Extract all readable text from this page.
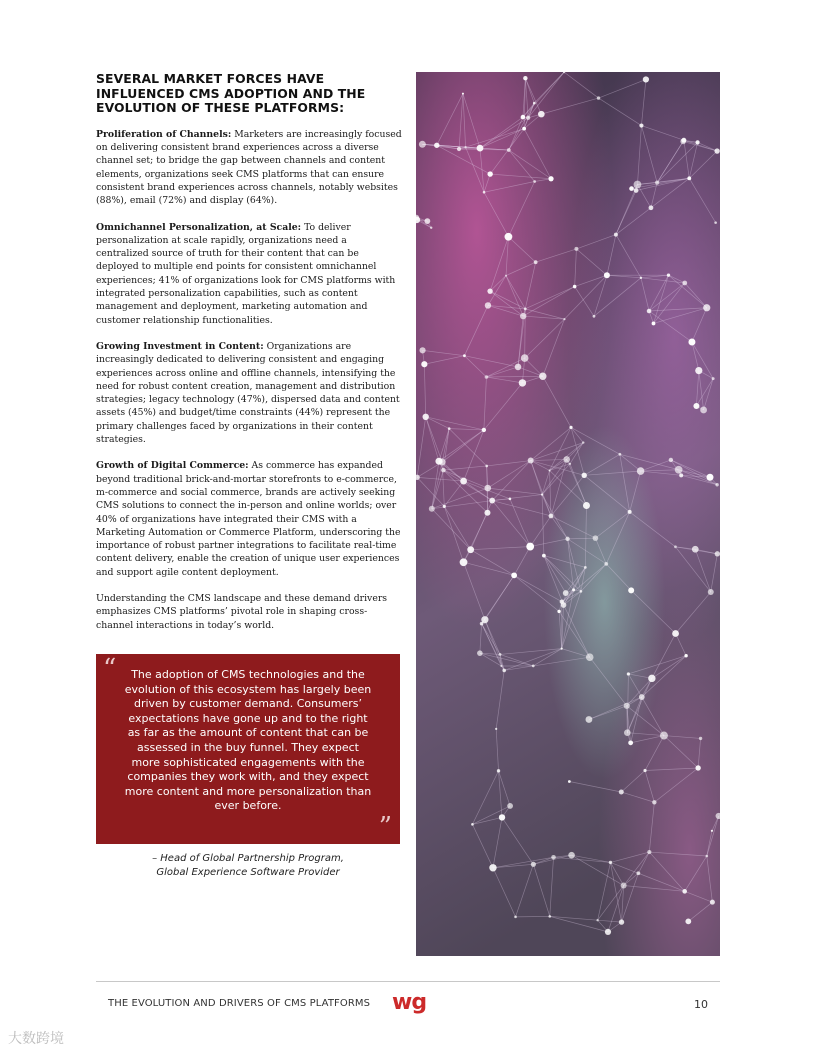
SEVERAL MARKET FORCES HAVE INFLUENCED CMS ADOPTION AND THE EVOLUTION OF THESE PLATFORMS:

Proliferation of Channels: Marketers are increasingly focused on delivering consistent brand experiences across a diverse channel set; to bridge the gap between channels and content elements, organizations seek CMS platforms that can ensure consistent brand experiences across channels, notably websites (88%), email (72%) and display (64%).

Omnichannel Personalization, at Scale: To deliver personalization at scale rapidly, organizations need a centralized source of truth for their content that can be deployed to multiple end points for consistent omnichannel experiences; 41% of organizations look for CMS platforms with integrated personalization capabilities, such as content management and deployment, marketing automation and customer relationship functionalities.

Growing Investment in Content: Organizations are increasingly dedicated to delivering consistent and engaging experiences across online and offline channels, intensifying the need for robust content creation, management and distribution strategies; legacy technology (47%), dispersed data and content assets (45%) and budget/time constraints (44%) represent the primary challenges faced by organizations in their content strategies.

Growth of Digital Commerce: As commerce has expanded beyond traditional brick-and-mortar storefronts to e-commerce, m-commerce and social commerce, brands are actively seeking CMS solutions to connect the in-person and online worlds; over 40% of organizations have integrated their CMS with a Marketing Automation or Commerce Platform, underscoring the importance of robust partner integrations to facilitate real-time content delivery, enable the creation of unique user experiences and support agile content deployment.

Understanding the CMS landscape and these demand drivers emphasizes CMS platforms’ pivotal role in shaping cross-channel interactions in today’s world.

“	The adoption of CMS technologies and the evolution of this ecosystem has largely been driven by customer demand. Consumers’ expectations have gone up and to the right as far as the amount of content that can be assessed in the buy funnel. They expect more sophisticated engagements with the companies they work with, and they expect more content and more personalization than ever before.
”
– Head of Global Partnership Program,
Global Experience Software Provider
THE EVOLUTION AND DRIVERS OF CMS PLATFORMS wg	10
大数跨境
